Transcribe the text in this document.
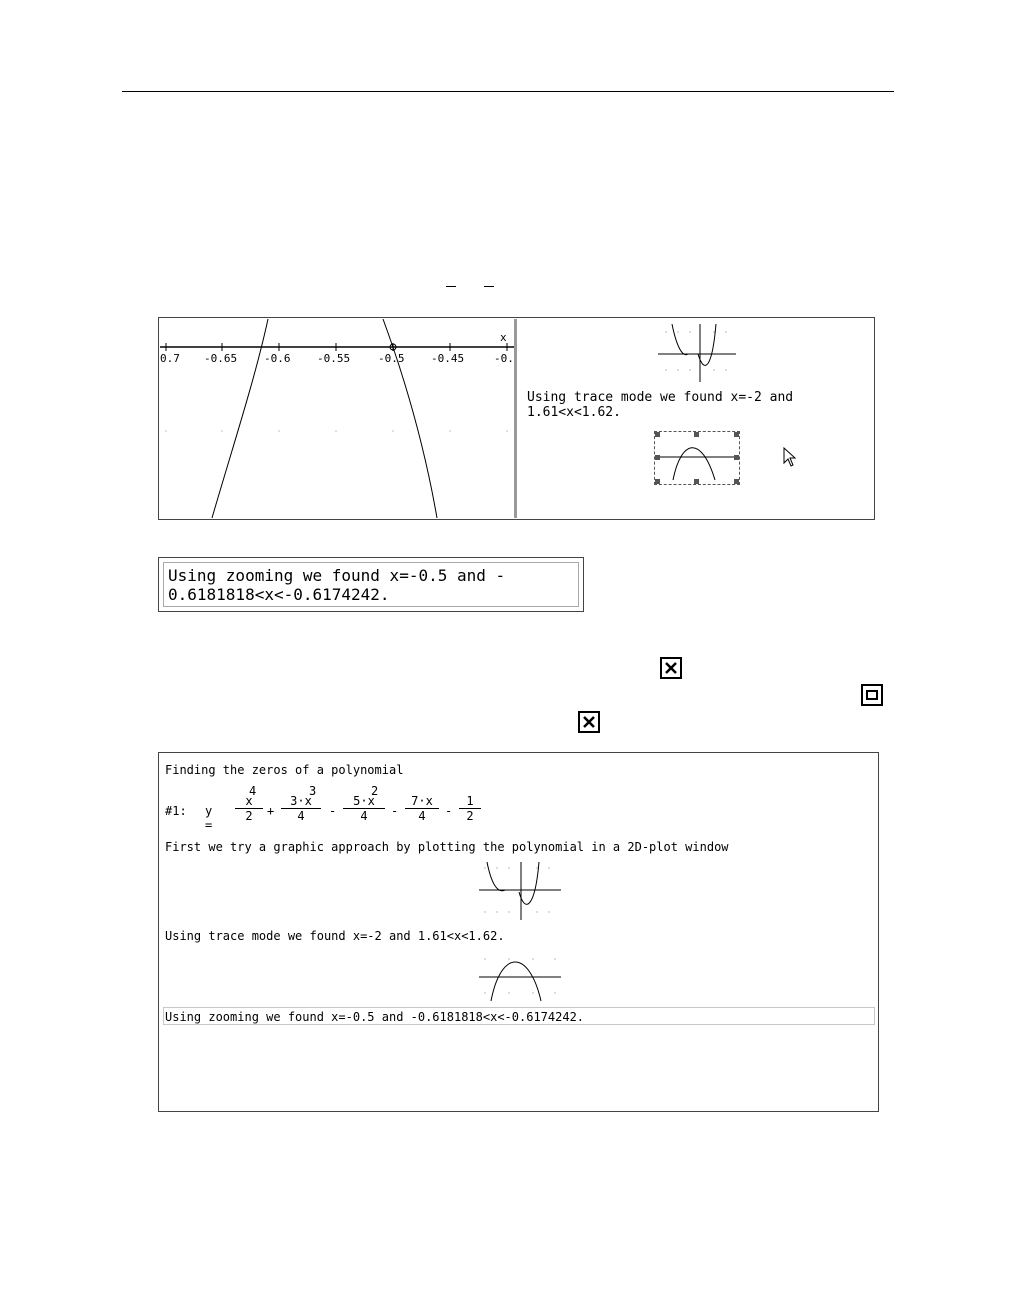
0.7 -0.65 -0.6 -0.55	-0.5 -0.45	-0.
x
Using trace mode we found x=-2 and
1.61<x<1.62.
Using zooming we found x=-0.5 and -
0.6181818<x<-0.6174242.
Finding the zeros of a polynomial
#1: y =
4
$\frac{x}{2}$ +
3
$\frac{3\cdot x}{4}$ -
2
$\frac{5\cdot x}{4} - \frac{7\cdot x}{4} - \frac{1}{2}$
First we try a graphic approach by plotting the polynomial in a 2D-plot window
Using trace mode we found x=-2 and 1.61<x<1.62.
Using zooming we found x=-0.5 and -0.6181818<x<-0.6174242.
